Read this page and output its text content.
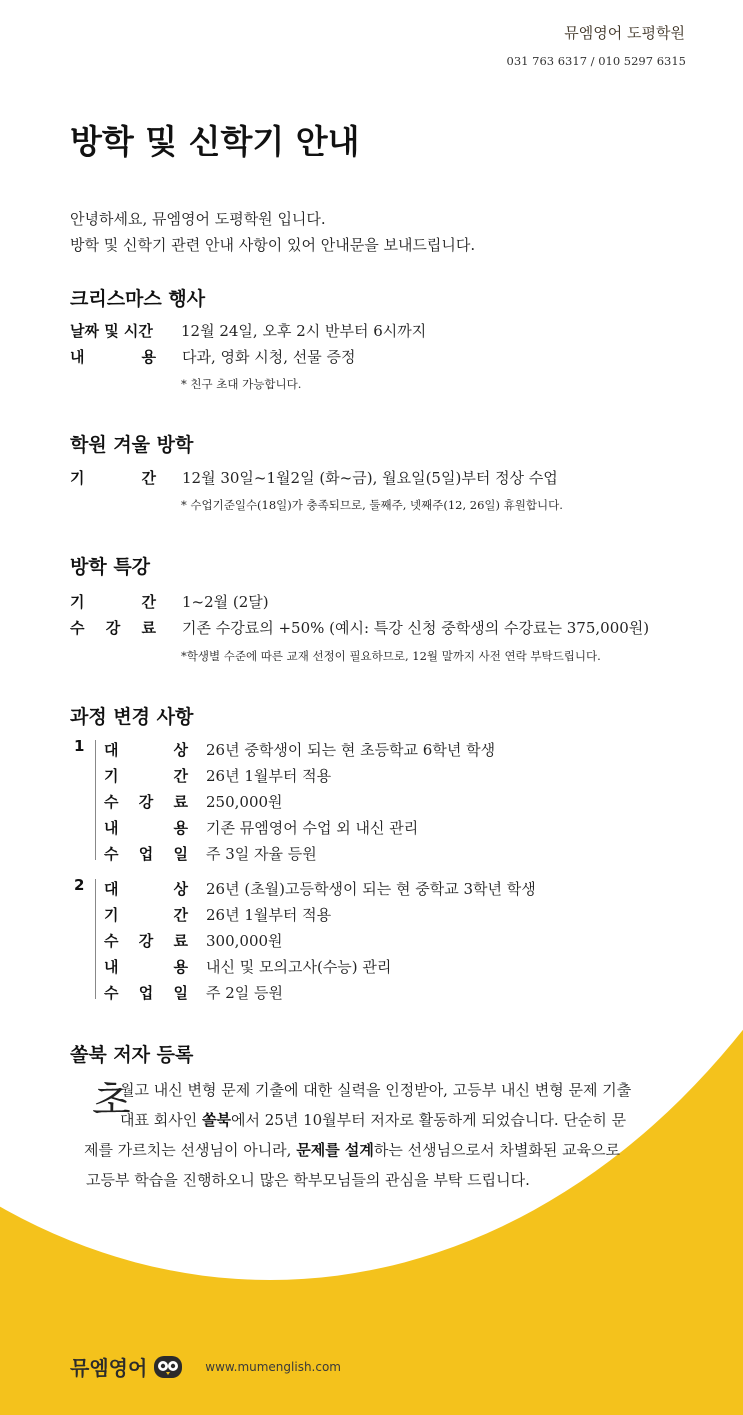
뮤엠영어 도평학원
031 763 6317 / 010 5297 6315
방학 및 신학기 안내
안녕하세요, 뮤엠영어 도평학원 입니다.
방학 및 신학기 관련 안내 사항이 있어 안내문을 보내드립니다.
크리스마스 행사
날짜 및 시간 12월 24일, 오후 2시 반부터 6시까지
내	용 다과, 영화 시청, 선물 증정
* 친구 초대 가능합니다.
학원 겨울 방학
기	간 12월 30일~1월2일 (화~금), 월요일(5일)부터 정상 수업
* 수업기준일수(18일)가 충족되므로, 둘째주, 넷째주(12, 26일) 휴원합니다.
방학 특강
기	간 1~2월 (2달)
수 강 료 기존 수강료의 +50% (예시: 특강 신청 중학생의 수강료는 375,000원)
*학생별 수준에 따른 교재 선정이 필요하므로, 12월 말까지 사전 연락 부탁드립니다.
과정 변경 사항
1 대	상 26년 중학생이 되는 현 초등학교 6학년 학생
기	간 26년 1월부터 적용
수 강 료 250,000원
내	용 기존 뮤엠영어 수업 외 내신 관리
수 업 일 주 3일 자율 등원
2 대	상 26년 (초월)고등학생이 되는 현 중학교 3학년 학생
기	간 26년 1월부터 적용
수 강 료 300,000원
내	용 내신 및 모의고사(수능) 관리
수 업 일 주 2일 등원
쏠북 저자 등록
초
월고 내신 변형 문제 기출에 대한 실력을 인정받아, 고등부 내신 변형 문제 기출
대표 회사인 쏠북에서 25년 10월부터 저자로 활동하게 되었습니다. 단순히 문
제를 가르치는 선생님이 아니라, 문제를 설계하는 선생님으로서 차별화된 교육으로
고등부 학습을 진행하오니 많은 학부모님들의 관심을 부탁 드립니다.
뮤엠영어	www.mumenglish.com
